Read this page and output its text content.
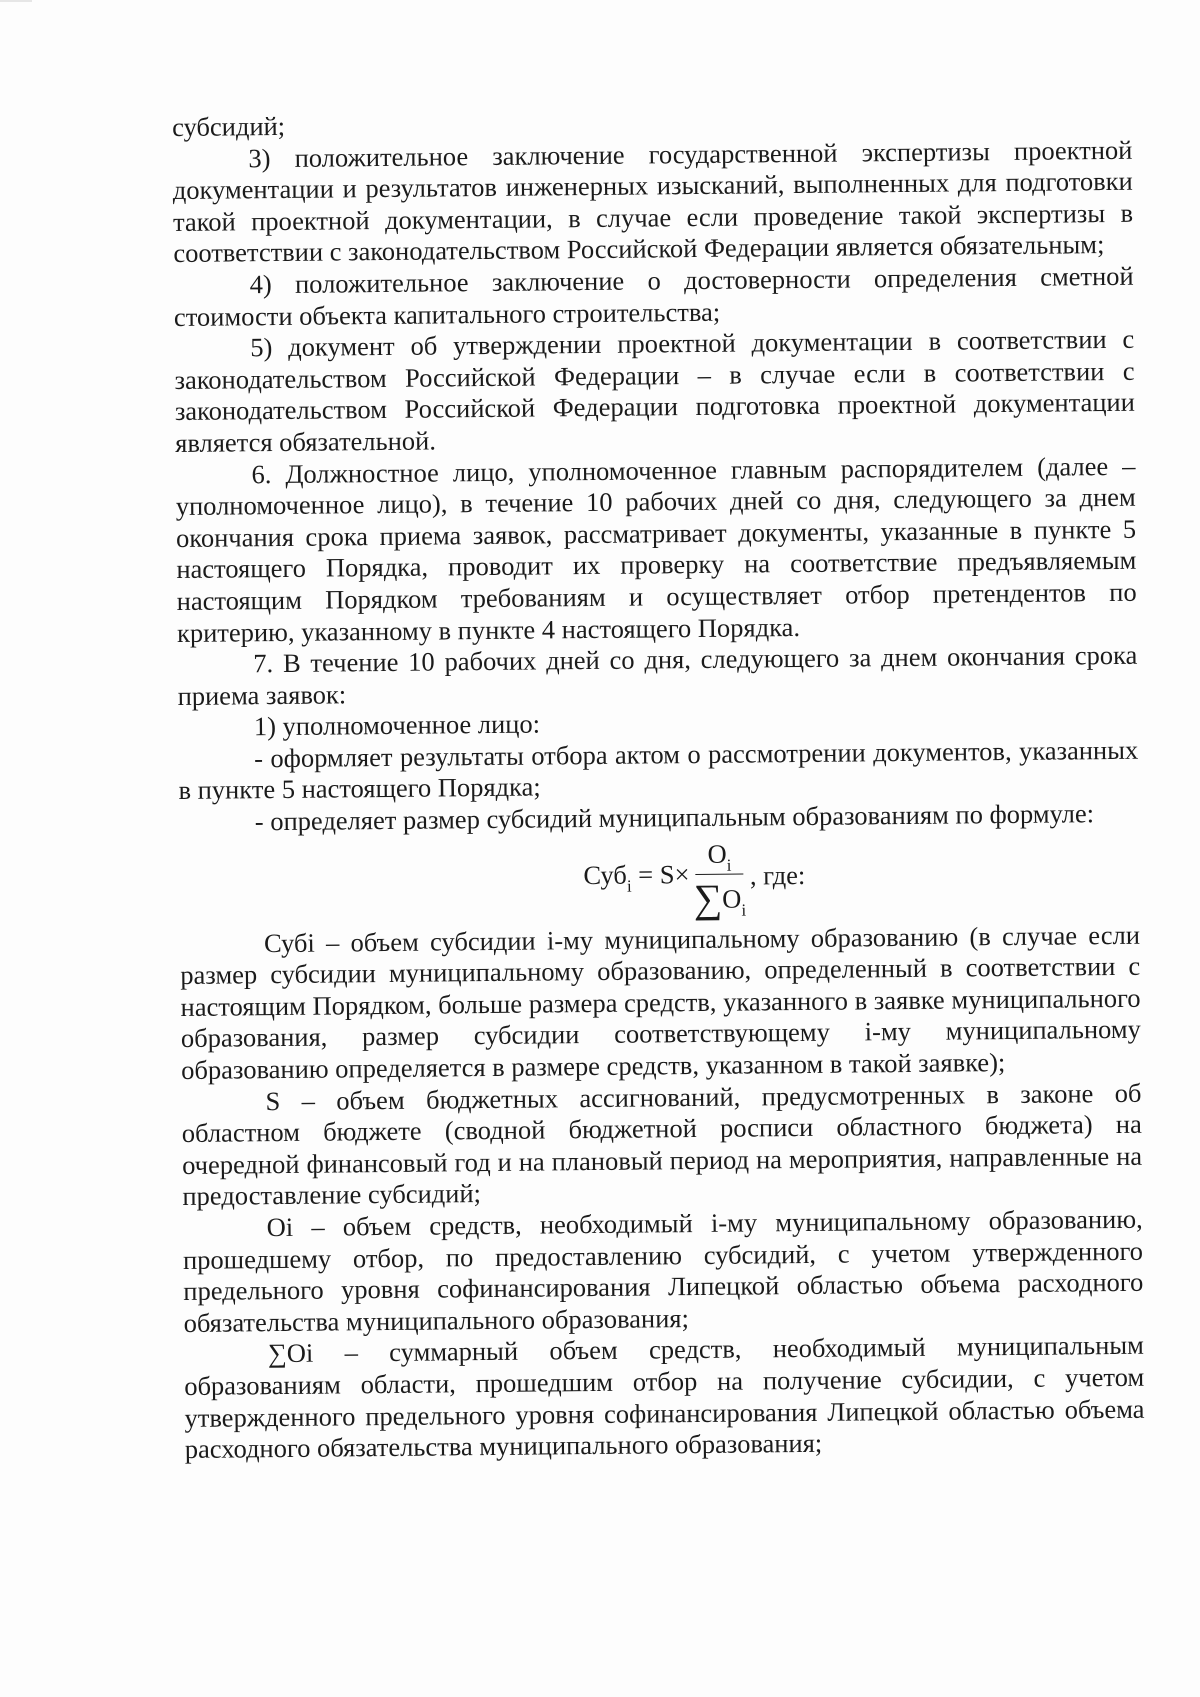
субсидий;

3) положительное заключение государственной экспертизы проектной документации и результатов инженерных изысканий, выполненных для подготовки такой проектной документации, в случае если проведение такой экспертизы в соответствии с законодательством Российской Федерации является обязательным;

4) положительное заключение о достоверности определения сметной стоимости объекта капитального строительства;

5) документ об утверждении проектной документации в соответствии с законодательством Российской Федерации – в случае если в соответствии с законодательством Российской Федерации подготовка проектной документации является обязательной.

6. Должностное лицо, уполномоченное главным распорядителем (далее – уполномоченное лицо), в течение 10 рабочих дней со дня, следующего за днем окончания срока приема заявок, рассматривает документы, указанные в пункте 5 настоящего Порядка, проводит их проверку на соответствие предъявляемым настоящим Порядком требованиям и осуществляет отбор претендентов по критерию, указанному в пункте 4 настоящего Порядка.

7. В течение 10 рабочих дней со дня, следующего за днем окончания срока приема заявок:

1) уполномоченное лицо:

- оформляет результаты отбора актом о рассмотрении документов, указанных в пункте 5 настоящего Порядка;

- определяет размер субсидий муниципальным образованиям по формуле:

$Суб_i = S\times \frac{O_i}{\sum O_i}$ , где:

Субi – объем субсидии i-му муниципальному образованию (в случае если размер субсидии муниципальному образованию, определенный в соответствии с настоящим Порядком, больше размера средств, указанного в заявке муниципального образования, размер субсидии соответствующему i-му муниципальному образованию определяется в размере средств, указанном в такой заявке);

S – объем бюджетных ассигнований, предусмотренных в законе об областном бюджете (сводной бюджетной росписи областного бюджета) на очередной финансовый год и на плановый период на мероприятия, направленные на предоставление субсидий;

Оi – объем средств, необходимый i-му муниципальному образованию, прошедшему отбор, по предоставлению субсидий, с учетом утвержденного предельного уровня софинансирования Липецкой областью объема расходного обязательства муниципального образования;

∑Оi – суммарный объем средств, необходимый муниципальным образованиям области, прошедшим отбор на получение субсидии, с учетом утвержденного предельного уровня софинансирования Липецкой областью объема расходного обязательства муниципального образования;
